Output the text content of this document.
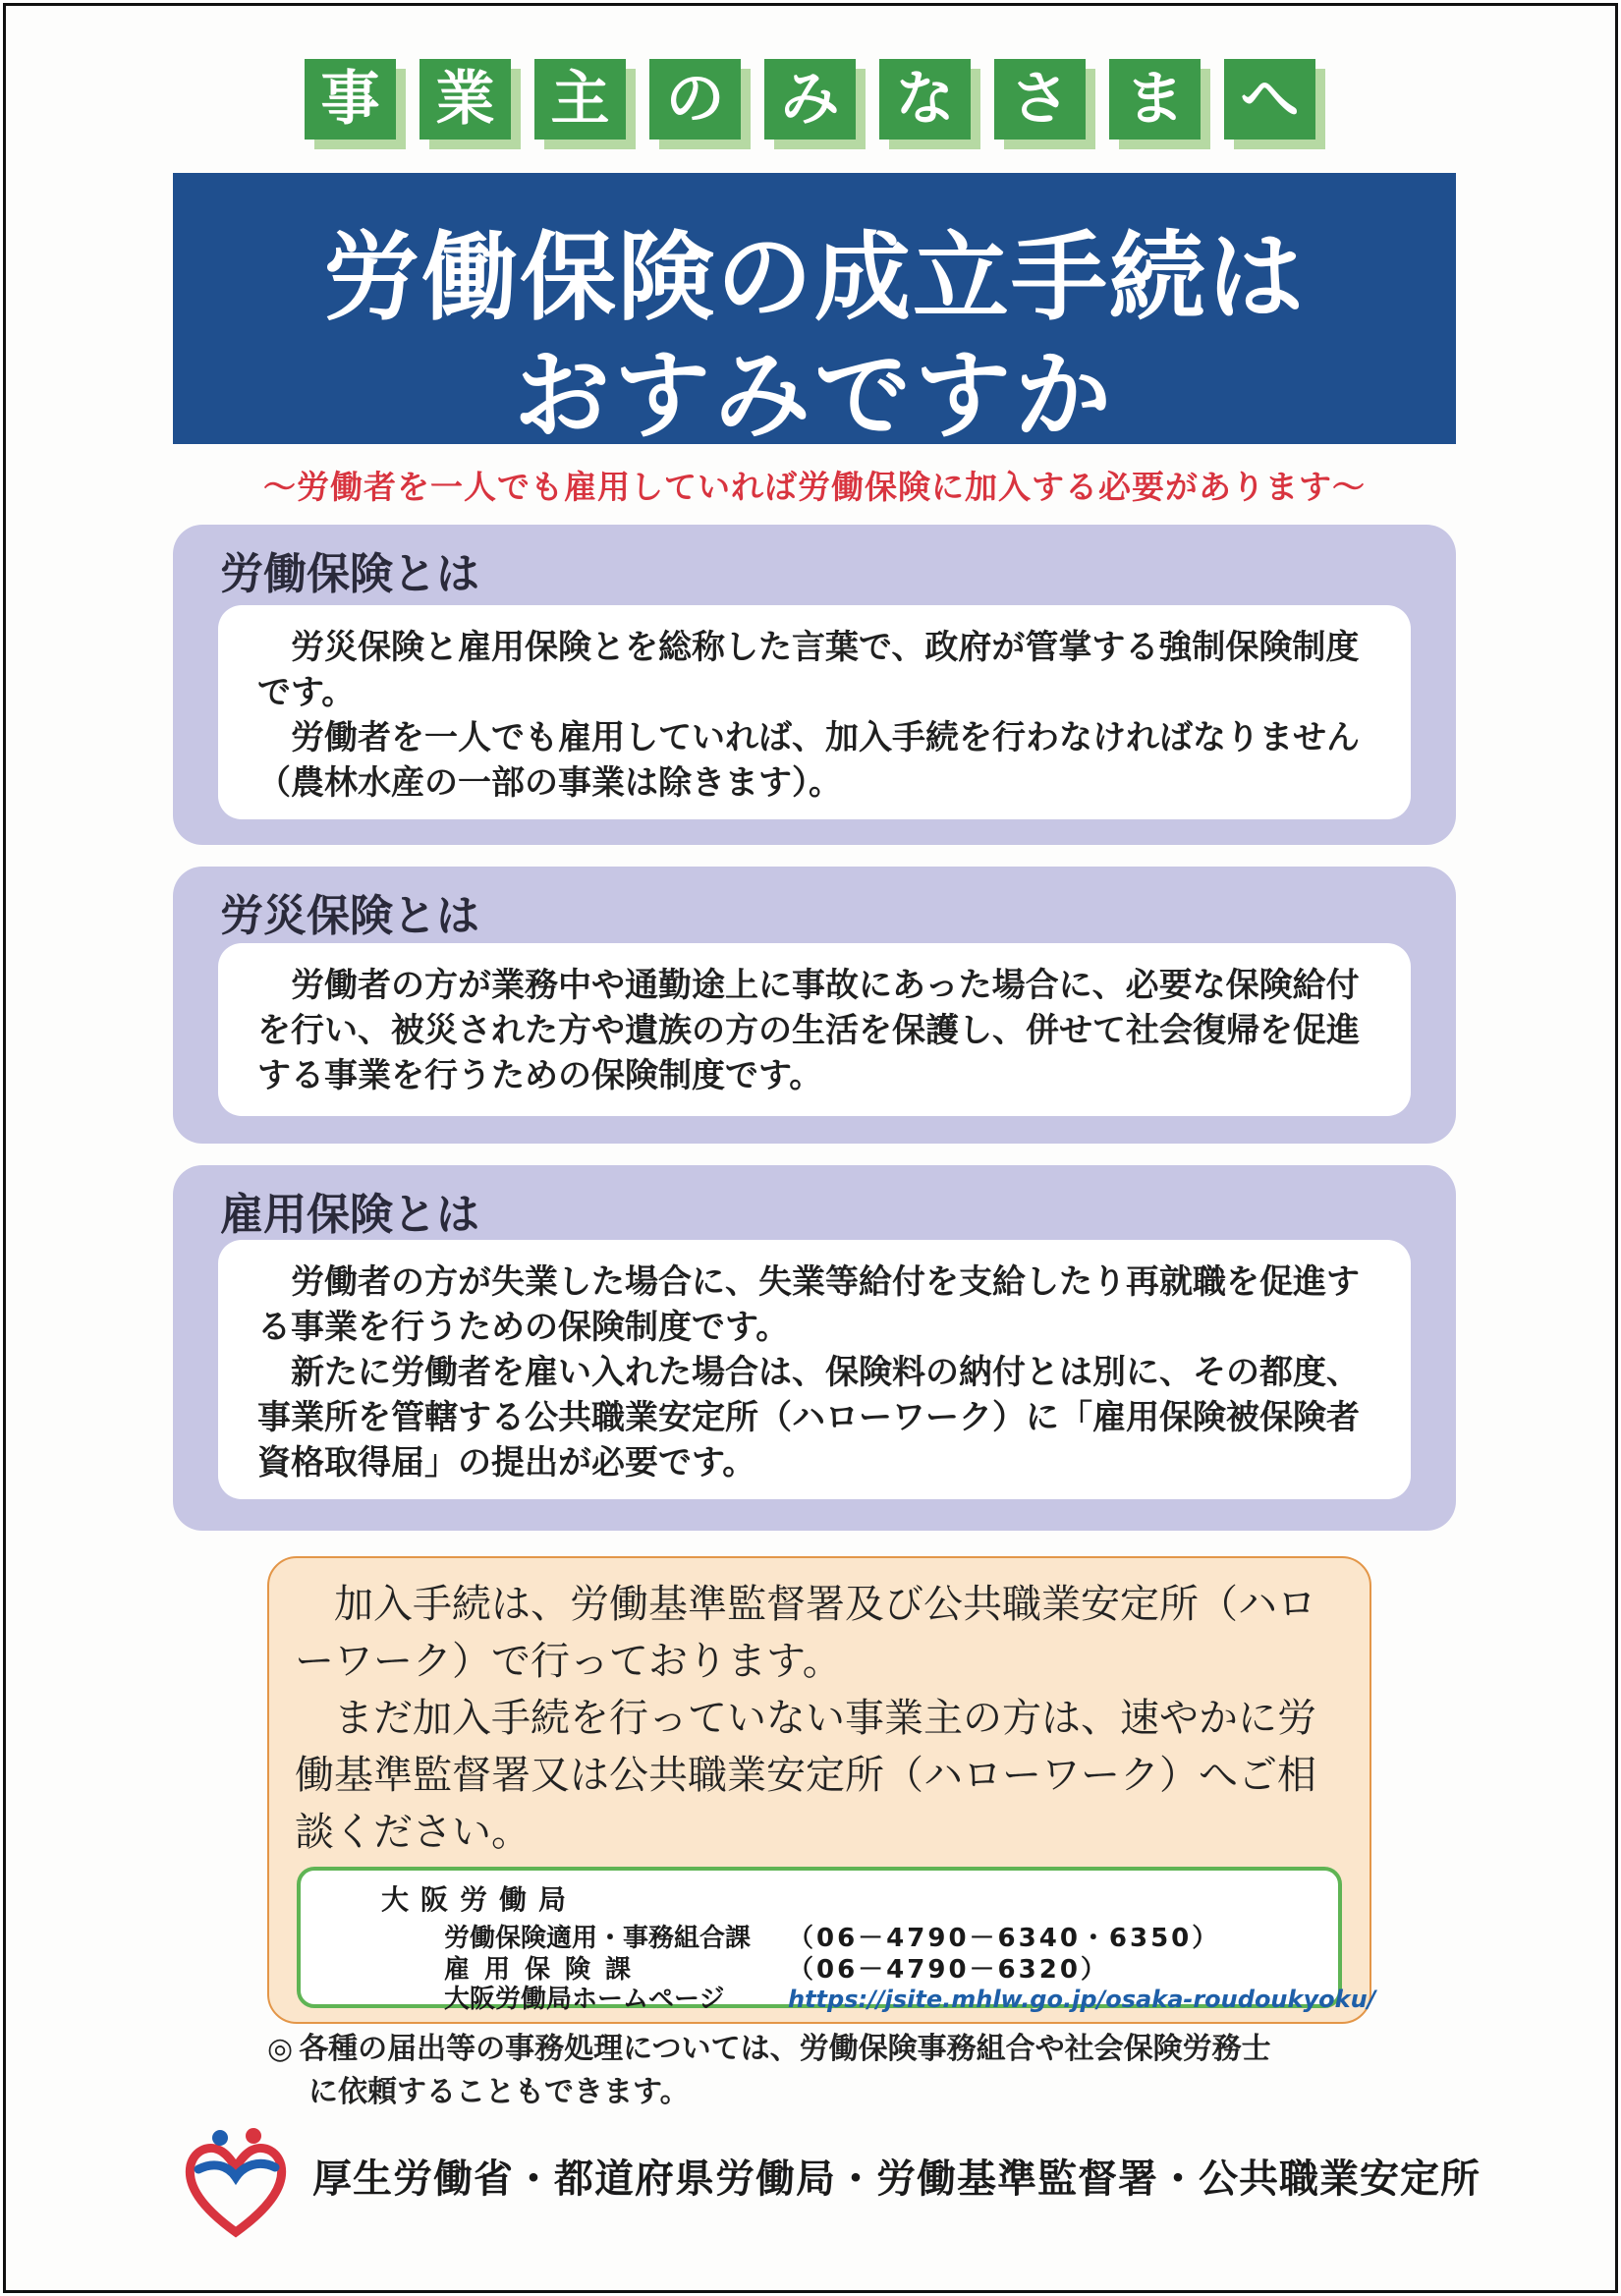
事 業 主 の み な さ ま へ
労働保険の成立手続は
おすみですか
～労働者を一人でも雇用していれば労働保険に加入する必要があります～
労働保険とは

労災保険と雇用保険とを総称した言葉で、政府が管掌する強制保険制度です。

労働者を一人でも雇用していれば、加入手続を行わなければなりません（農林水産の一部の事業は除きます）。

労災保険とは

労働者の方が業務中や通勤途上に事故にあった場合に、必要な保険給付を行い、被災された方や遺族の方の生活を保護し、併せて社会復帰を促進する事業を行うための保険制度です。

雇用保険とは

労働者の方が失業した場合に、失業等給付を支給したり再就職を促進する事業を行うための保険制度です。

新たに労働者を雇い入れた場合は、保険料の納付とは別に、その都度、事業所を管轄する公共職業安定所（ハローワーク）に「雇用保険被保険者資格取得届」の提出が必要です。

加入手続は、労働基準監督署及び公共職業安定所（ハローワーク）で行っております。

まだ加入手続を行っていない事業主の方は、速やかに労働基準監督署又は公共職業安定所（ハローワーク）へご相談ください。

大阪労働局
労働保険適用・事務組合課 （06－4790－6340・6350）
雇用保険課	（06－4790－6320）
大阪労働局ホームページ	https://jsite.mhlw.go.jp/osaka-roudoukyoku/
◎ 各種の届出等の事務処理については、労働保険事務組合や社会保険労務士
に依頼することもできます。
厚生労働省・都道府県労働局・労働基準監督署・公共職業安定所
